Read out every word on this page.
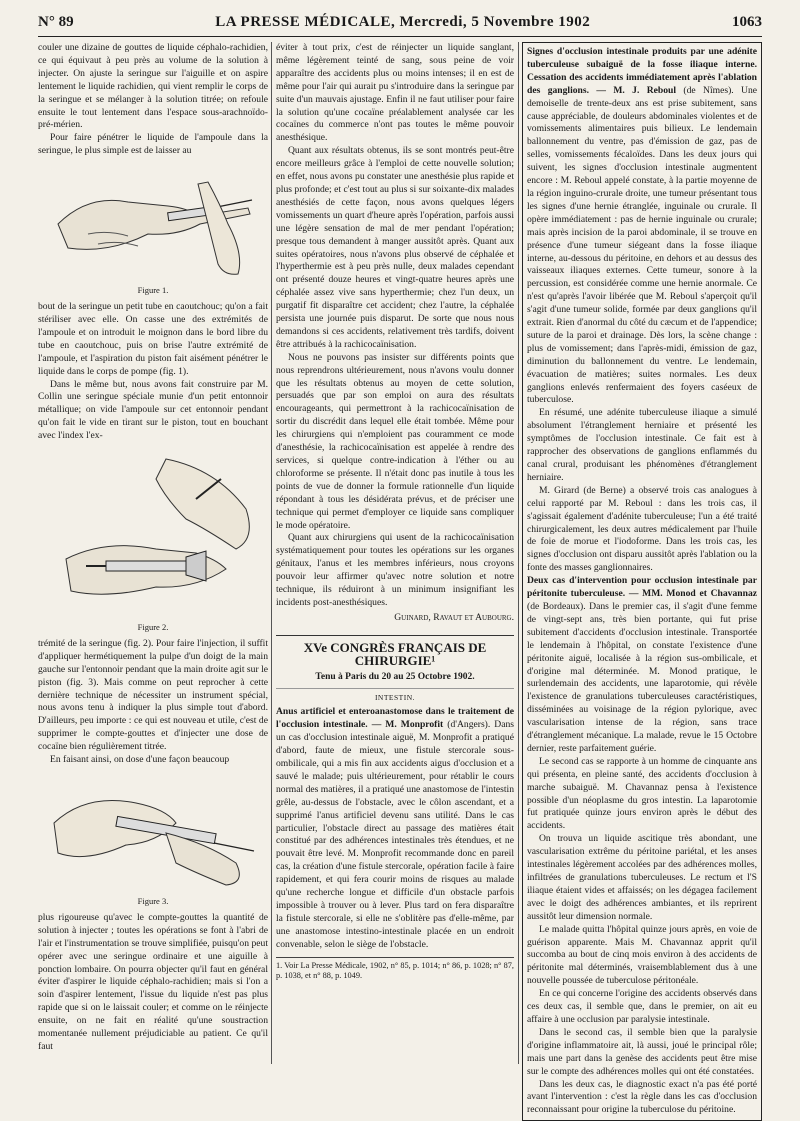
N° 89	LA PRESSE MÉDICALE, Mercredi, 5 Novembre 1902	1063

couler une dizaine de gouttes de liquide céphalo-rachidien, ce qui équivaut à peu près au volume de la solution à injecter. On ajuste la seringue sur l'aiguille et on aspire lentement le liquide rachidien, qui vient remplir le corps de la seringue et se mélanger à la solution titrée; on refoule ensuite le tout lentement dans l'espace sous-arachnoïdo-pré-mérien.

Pour faire pénétrer le liquide de l'ampoule dans la seringue, le plus simple est de laisser au

Figure 1.

bout de la seringue un petit tube en caoutchouc; qu'on a fait stériliser avec elle. On casse une des extrémités de l'ampoule et on introduit le moignon dans le bord libre du tube en caoutchouc, puis on brise l'autre extrémité de l'ampoule, et l'aspiration du piston fait aisément pénétrer le liquide dans le corps de pompe (fig. 1).

Dans le même but, nous avons fait construire par M. Collin une seringue spéciale munie d'un petit entonnoir métallique; on vide l'ampoule sur cet entonnoir pendant qu'on fait le vide en tirant sur le piston, tout en bouchant avec l'index l'ex-

Figure 2.

trémité de la seringue (fig. 2). Pour faire l'injection, il suffit d'appliquer hermétiquement la pulpe d'un doigt de la main gauche sur l'entonnoir pendant que la main droite agit sur le piston (fig. 3). Mais comme on peut reprocher à cette dernière technique de nécessiter un instrument spécial, nous avons tenu à indiquer la plus simple tout d'abord. D'ailleurs, peu importe : ce qui est nouveau et utile, c'est de supprimer le compte-gouttes et d'injecter une dose de cocaïne bien régulièrement titrée.

En faisant ainsi, on dose d'une façon beaucoup

Figure 3.

plus rigoureuse qu'avec le compte-gouttes la quantité de solution à injecter ; toutes les opérations se font à l'abri de l'air et l'instrumentation se trouve simplifiée, puisqu'on peut opérer avec une seringue ordinaire et une aiguille à ponction lombaire. On pourra objecter qu'il faut en général éviter d'aspirer le liquide céphalo-rachidien; mais si l'on a soin d'aspirer lentement, l'issue du liquide n'est pas plus rapide que si on le laissait couler; et comme on le réinjecte ensuite, on ne fait en réalité qu'une soustraction momentanée nullement préjudiciable au patient. Ce qu'il faut

éviter à tout prix, c'est de réinjecter un liquide sanglant, même légèrement teinté de sang, sous peine de voir apparaître des accidents plus ou moins intenses; il en est de même pour l'air qui aurait pu s'introduire dans la seringue par suite d'un mauvais ajustage. Enfin il ne faut utiliser pour faire la solution qu'une cocaïne préalablement analysée car les cocaïnes du commerce n'ont pas toutes le même pouvoir anesthésique.

Quant aux résultats obtenus, ils se sont montrés peut-être encore meilleurs grâce à l'emploi de cette nouvelle solution; en effet, nous avons pu constater une anesthésie plus rapide et plus profonde; et c'est tout au plus si sur soixante-dix malades anesthésiés de cette façon, nous avons quelques légers vomissements un quart d'heure après l'opération, parfois aussi une légère sensation de mal de mer pendant l'opération; presque tous demandent à manger aussitôt après. Quant aux suites opératoires, nous n'avons plus observé de céphalée et l'hyperthermie est à peu près nulle, deux malades cependant ont présenté douze heures et vingt-quatre heures après une céphalée assez vive sans hyperthermie; chez l'un deux, un purgatif fit disparaître cet accident; chez l'autre, la céphalée persista une journée puis disparut. De sorte que nous nous demandons si ces accidents, relativement très tardifs, doivent être attribués à la rachicocaïnisation.

Nous ne pouvons pas insister sur différents points que nous reprendrons ultérieurement, nous n'avons voulu donner que les résultats obtenus au moyen de cette solution, persuadés que par son emploi on aura des résultats encourageants, qui permettront à la rachicocaïnisation de sortir du discrédit dans lequel elle était tombée. Même pour les chirurgiens qui n'emploient pas couramment ce mode d'anesthésie, la rachicocaïnisation est appelée à rendre des services, si quelque contre-indication à l'éther ou au chloroforme se présente. Il n'était donc pas inutile à tous les points de vue de donner la formule rationnelle d'un liquide répondant à tous les désidérata prévus, et de préciser une technique qui permet d'employer ce liquide sans compliquer le mode opératoire.

Quant aux chirurgiens qui usent de la rachicocaïnisation systématiquement pour toutes les opérations sur les organes génitaux, l'anus et les membres inférieurs, nous croyons pouvoir leur affirmer qu'avec notre solution et notre technique, ils réduiront à un minimum insignifiant les incidents post-anesthésiques.

Guinard, Ravaut et Aubourg.
XVe CONGRÈS FRANÇAIS DE CHIRURGIE¹
Tenu à Paris du 20 au 25 Octobre 1902.
INTESTIN.

Anus artificiel et enteroanastomose dans le traitement de l'occlusion intestinale. — M. Monprofit (d'Angers). Dans un cas d'occlusion intestinale aiguë, M. Monprofit a pratiqué d'abord, faute de mieux, une fistule stercorale sous-ombilicale, qui a mis fin aux accidents aigus d'occlusion et a sauvé le malade; puis ultérieurement, pour rétablir le cours normal des matières, il a pratiqué une anastomose de l'intestin grêle, au-dessus de l'obstacle, avec le côlon ascendant, et a supprimé l'anus artificiel devenu sans utilité. Dans le cas particulier, l'obstacle direct au passage des matières était constitué par des adhérences intestinales très étendues, et ne pouvait être levé. M. Monprofit recommande donc en pareil cas, la création d'une fistule stercorale, opération facile à faire rapidement, et qui fera courir moins de risques au malade qu'une recherche longue et difficile d'un obstacle parfois impossible à trouver ou à lever. Plus tard on fera disparaître la fistule stercorale, si elle ne s'oblitère pas d'elle-même, par une anastomose intestino-intestinale placée en un endroit convenable, selon le siège de l'obstacle.

1. Voir La Presse Médicale, 1902, n° 85, p. 1014; n° 86, p. 1028; n° 87, p. 1038, et n° 88, p. 1049.

Signes d'occlusion intestinale produits par une adénite tuberculeuse subaiguë de la fosse iliaque interne. Cessation des accidents immédiatement après l'ablation des ganglions. — M. J. Reboul (de Nîmes). Une demoiselle de trente-deux ans est prise subitement, sans cause appréciable, de douleurs abdominales violentes et de vomissements alimentaires puis bilieux. Le lendemain ballonnement du ventre, pas d'émission de gaz, pas de selles, vomissements fécaloïdes. Dans les deux jours qui suivent, les signes d'occlusion intestinale augmentent encore : M. Reboul appelé constate, à la partie moyenne de la région inguino-crurale droite, une tumeur présentant tous les signes d'une hernie étranglée, inguinale ou crurale. Il opère immédiatement : pas de hernie inguinale ou crurale; mais après incision de la paroi abdominale, il se trouve en présence d'une tumeur siégeant dans la fosse iliaque interne, au-dessous du péritoine, en dehors et au dessus des vaisseaux iliaques externes. Cette tumeur, sonore à la percussion, est considérée comme une hernie anormale. Ce n'est qu'après l'avoir libérée que M. Reboul s'aperçoit qu'il s'agit d'une tumeur solide, formée par deux ganglions qu'il extrait. Rien d'anormal du côté du cæcum et de l'appendice; suture de la paroi et drainage. Dès lors, la scène change : plus de vomissement; dans l'après-midi, émission de gaz, diminution du ballonnement du ventre. Le lendemain, évacuation de matières; suites normales. Les deux ganglions enlevés renfermaient des foyers caséeux de tuberculose.

En résumé, une adénite tuberculeuse iliaque a simulé absolument l'étranglement herniaire et présenté les symptômes de l'occlusion intestinale. Ce fait est à rapprocher des observations de ganglions enflammés du canal crural, produisant les phénomènes d'étranglement herniaire.

M. Girard (de Berne) a observé trois cas analogues à celui rapporté par M. Reboul : dans les trois cas, il s'agissait également d'adénite tuberculeuse; l'un a été traité chirurgicalement, les deux autres médicalement par l'huile de foie de morue et l'iodoforme. Dans les trois cas, les signes d'occlusion ont disparu aussitôt après l'ablation ou la fonte des masses ganglionnaires.

Deux cas d'intervention pour occlusion intestinale par péritonite tuberculeuse. — MM. Monod et Chavannaz (de Bordeaux). Dans le premier cas, il s'agit d'une femme de vingt-sept ans, très bien portante, qui fut prise subitement d'accidents d'occlusion intestinale. Transportée le lendemain à l'hôpital, on constate l'existence d'une péritonite aiguë, localisée à la région sus-ombilicale, et d'origine mal déterminée. M. Monod pratique, le surlendemain des accidents, une laparotomie, qui révèle l'existence de granulations tuberculeuses caractéristiques, disséminées au voisinage de la région pylorique, avec vascularisation intense de la région, sans trace d'étranglement mécanique. La malade, revue le 15 Octobre dernier, reste parfaitement guérie.

Le second cas se rapporte à un homme de cinquante ans qui présenta, en pleine santé, des accidents d'occlusion à marche subaiguë. M. Chavannaz pensa à l'existence possible d'un néoplasme du gros intestin. La laparotomie fut pratiquée quinze jours environ après le début des accidents.

On trouva un liquide ascitique très abondant, une vascularisation extrême du péritoine pariétal, et les anses intestinales légèrement accolées par des adhérences molles, infiltrées de granulations tuberculeuses. Le rectum et l'S iliaque étaient vides et affaissés; on les dégagea facilement avec le doigt des adhérences ambiantes, et ils reprirent aussitôt leur dimension normale.

Le malade quitta l'hôpital quinze jours après, en voie de guérison apparente. Mais M. Chavannaz apprit qu'il succomba au bout de cinq mois environ à des accidents de péritonite mal déterminés, vraisemblablement dus à une nouvelle poussée de tuberculose péritonéale.

En ce qui concerne l'origine des accidents observés dans ces deux cas, il semble que, dans le premier, on ait eu affaire à une occlusion par paralysie intestinale.

Dans le second cas, il semble bien que la paralysie d'origine inflammatoire ait, là aussi, joué le principal rôle; mais une part dans la genèse des accidents peut être mise sur le compte des adhérences molles qui ont été constatées.

Dans les deux cas, le diagnostic exact n'a pas été porté avant l'intervention : c'est la règle dans les cas d'occlusion reconnaissant pour origine la tuberculose du péritoine.
